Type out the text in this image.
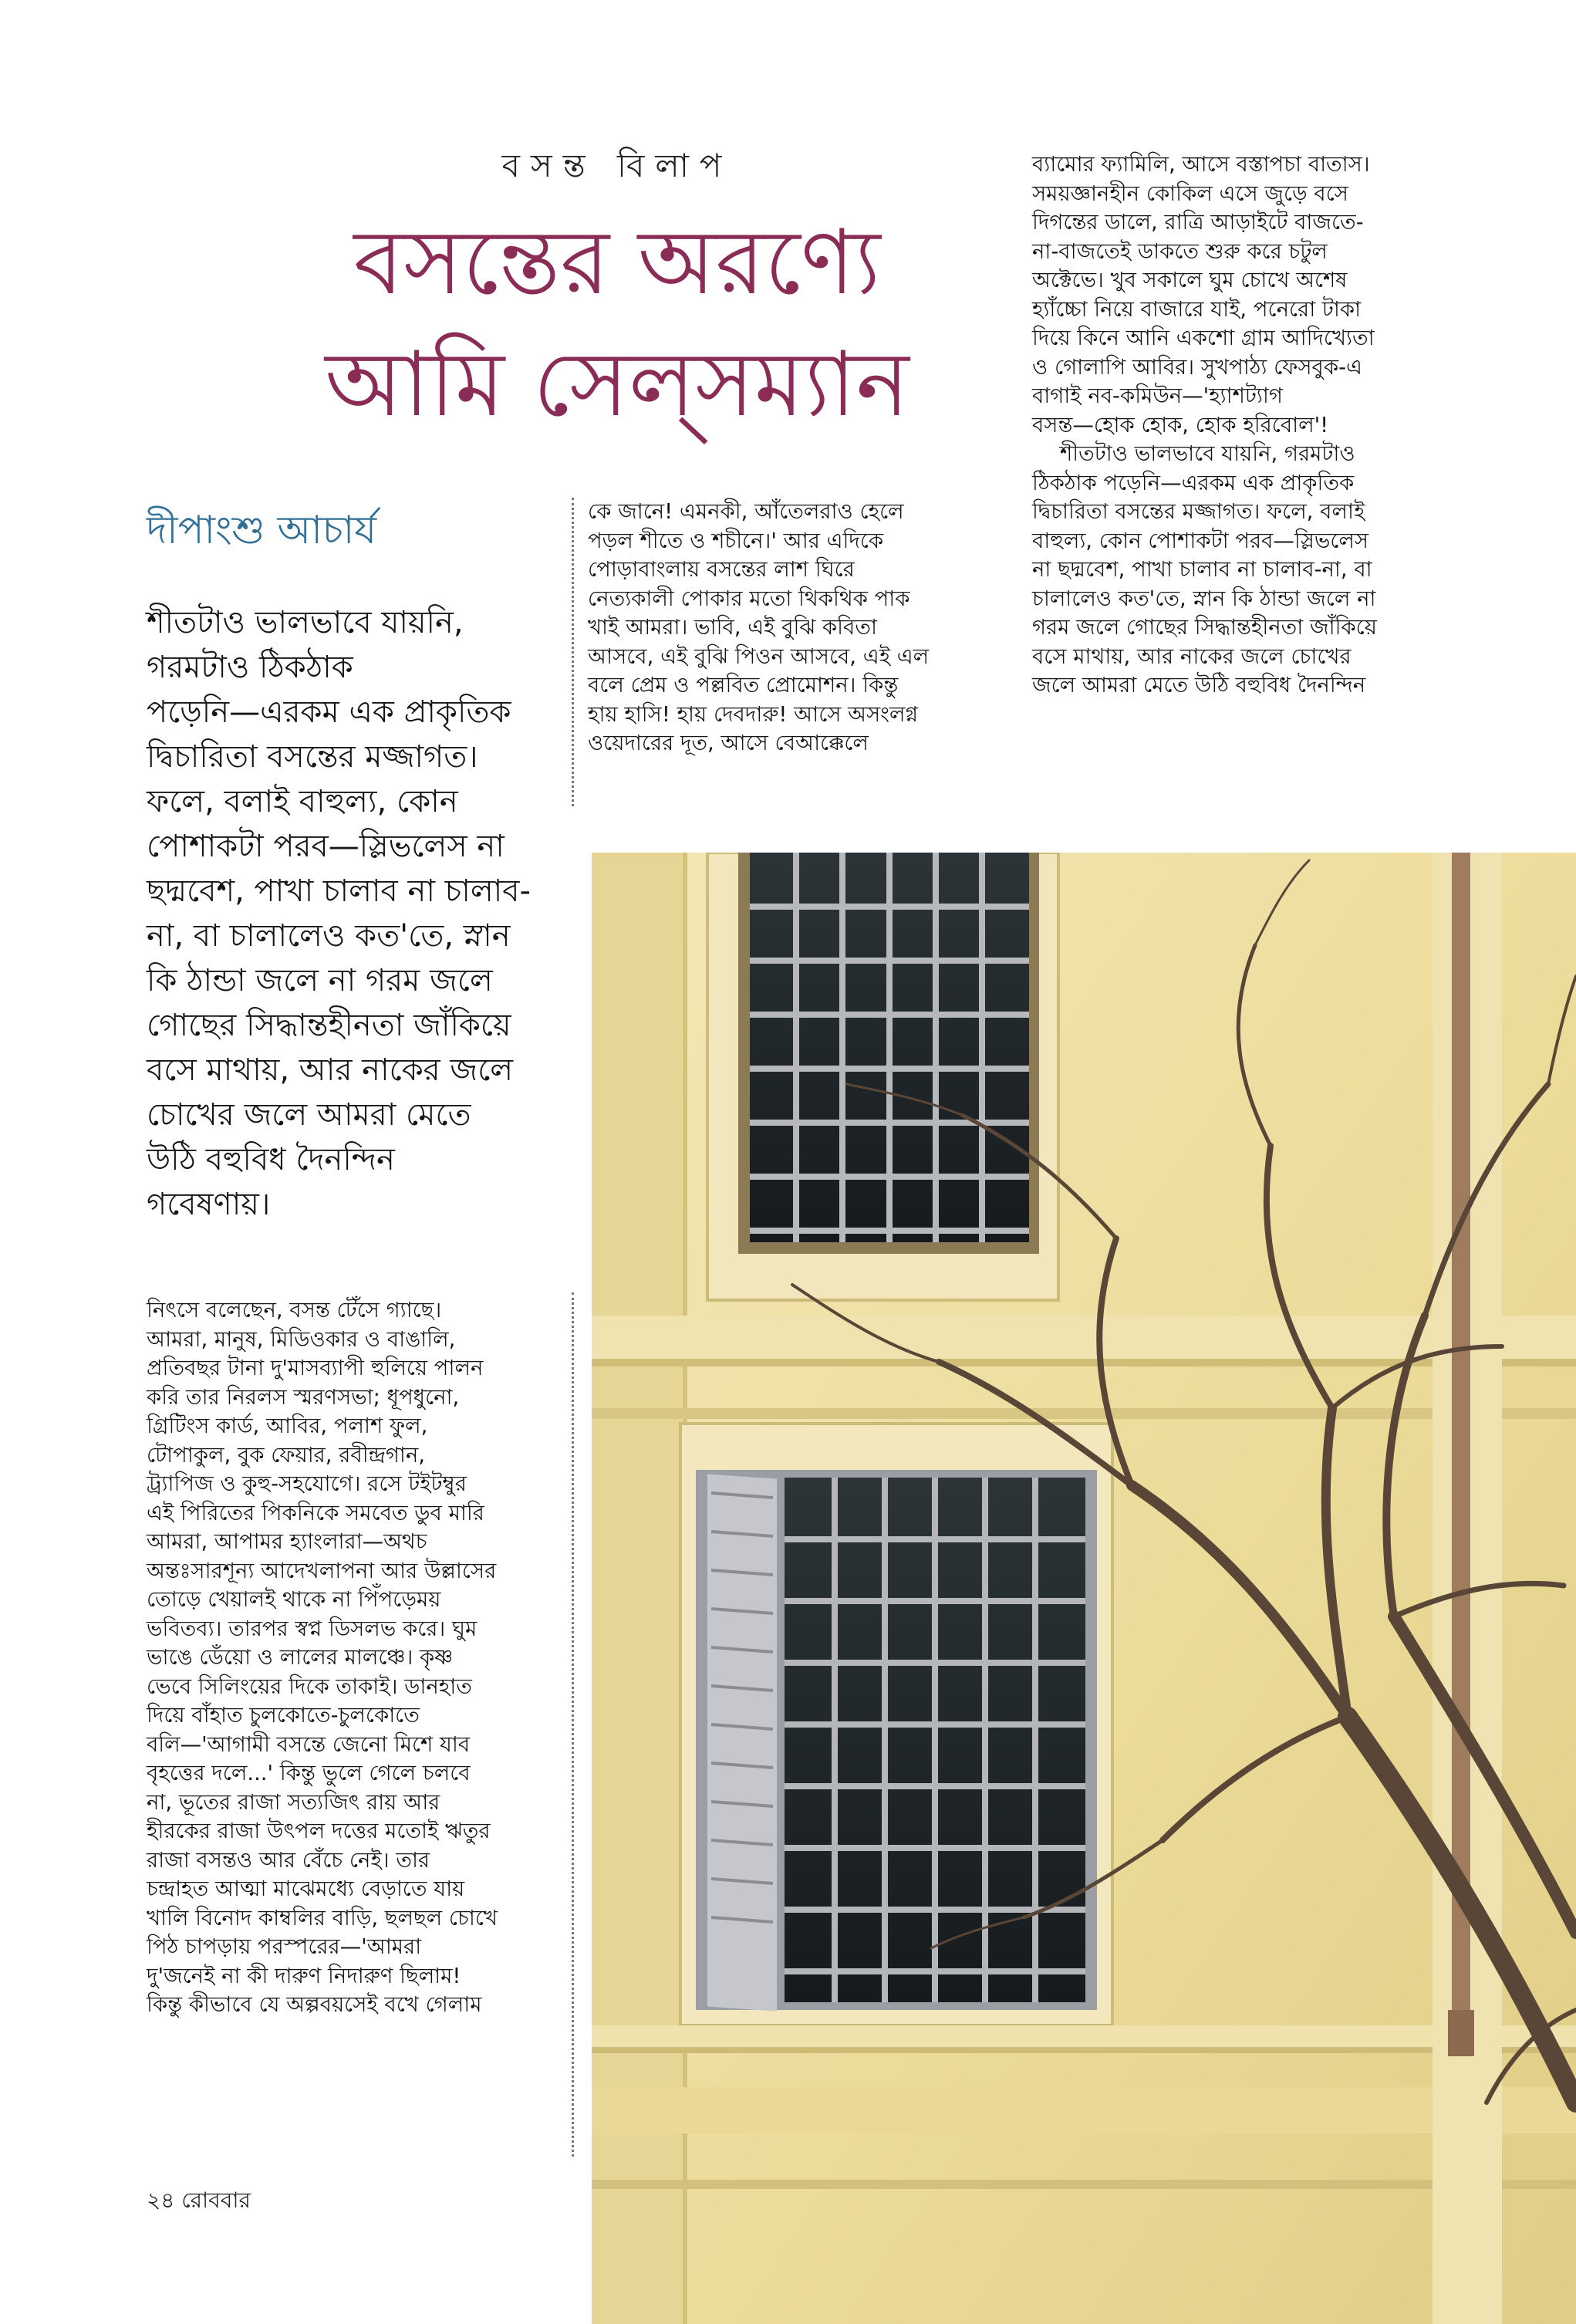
বসন্ত বিলাপ
বসন্তের অরণ্যে
আমি সেল্‌সম্যান
দীপাংশু আচার্য

শীতটাও ভালভাবে যায়নি,
গরমটাও ঠিকঠাক
পড়েনি—এরকম এক প্রাকৃতিক
দ্বিচারিতা বসন্তের মজ্জাগত।
ফলে, বলাই বাহুল্য, কোন
পোশাকটা পরব—স্লিভলেস না
ছদ্মবেশ, পাখা চালাব না চালাব-
না, বা চালালেও কত'তে, স্নান
কি ঠান্ডা জলে না গরম জলে
গোছের সিদ্ধান্তহীনতা জাঁকিয়ে
বসে মাথায়, আর নাকের জলে
চোখের জলে আমরা মেতে
উঠি বহুবিধ দৈনন্দিন
গবেষণায়।

নিৎসে বলেছেন, বসন্ত টেঁসে গ্যাছে।
আমরা, মানুষ, মিডিওকার ও বাঙালি,
প্রতিবছর টানা দু'মাসব্যাপী হুলিয়ে পালন
করি তার নিরলস স্মরণসভা; ধূপধুনো,
গ্রিটিংস কার্ড, আবির, পলাশ ফুল,
টোপাকুল, বুক ফেয়ার, রবীন্দ্রগান,
ট্র্যাপিজ ও কুহু-সহযোগে। রসে টইটম্বুর
এই পিরিতের পিকনিকে সমবেত ডুব মারি
আমরা, আপামর হ্যাংলারা—অথচ
অন্তঃসারশূন্য আদেখলাপনা আর উল্লাসের
তোড়ে খেয়ালই থাকে না পিঁপড়েময়
ভবিতব্য। তারপর স্বপ্ন ডিসলভ করে। ঘুম
ভাঙে ডেঁয়ো ও লালের মালঞ্চে। কৃষ্ণ
ভেবে সিলিংয়ের দিকে তাকাই। ডানহাত
দিয়ে বাঁহাত চুলকোতে-চুলকোতে
বলি—'আগামী বসন্তে জেনো মিশে যাব
বৃহত্তের দলে...' কিন্তু ভুলে গেলে চলবে
না, ভূতের রাজা সত্যজিৎ রায় আর
হীরকের রাজা উৎপল দত্তের মতোই ঋতুর
রাজা বসন্তও আর বেঁচে নেই। তার
চন্দ্রাহত আত্মা মাঝেমধ্যে বেড়াতে যায়
খালি বিনোদ কাম্বলির বাড়ি, ছলছল চোখে
পিঠ চাপড়ায় পরস্পরের—'আমরা
দু'জনেই না কী দারুণ নিদারুণ ছিলাম!
কিন্তু কীভাবে যে অল্পবয়সেই বখে গেলাম

কে জানে! এমনকী, আঁতেলরাও হেলে
পড়ল শীতে ও শচীনে।' আর এদিকে
পোড়াবাংলায় বসন্তের লাশ ঘিরে
নেত্যকালী পোকার মতো থিকথিক পাক
খাই আমরা। ভাবি, এই বুঝি কবিতা
আসবে, এই বুঝি পিওন আসবে, এই এল
বলে প্রেম ও পল্লবিত প্রোমোশন। কিন্তু
হায় হাসি! হায় দেবদারু! আসে অসংলগ্ন
ওয়েদারের দূত, আসে বেআক্কেলে

ব্যামোর ফ্যামিলি, আসে বস্তাপচা বাতাস।
সময়জ্ঞানহীন কোকিল এসে জুড়ে বসে
দিগন্তের ডালে, রাত্রি আড়াইটে বাজতে-
না-বাজতেই ডাকতে শুরু করে চটুল
অক্টেভে। খুব সকালে ঘুম চোখে অশেষ
হ্যাঁচ্চো নিয়ে বাজারে যাই, পনেরো টাকা
দিয়ে কিনে আনি একশো গ্রাম আদিখ্যেতা
ও গোলাপি আবির। সুখপাঠ্য ফেসবুক-এ
বাগাই নব-কমিউন—'হ্যাশট্যাগ
বসন্ত—হোক হোক, হোক হরিবোল'!

শীতটাও ভালভাবে যায়নি, গরমটাও
ঠিকঠাক পড়েনি—এরকম এক প্রাকৃতিক
দ্বিচারিতা বসন্তের মজ্জাগত। ফলে, বলাই
বাহুল্য, কোন পোশাকটা পরব—স্লিভলেস
না ছদ্মবেশ, পাখা চালাব না চালাব-না, বা
চালালেও কত'তে, স্নান কি ঠান্ডা জলে না
গরম জলে গোছের সিদ্ধান্তহীনতা জাঁকিয়ে
বসে মাথায়, আর নাকের জলে চোখের
জলে আমরা মেতে উঠি বহুবিধ দৈনন্দিন

২৪ রোববার
